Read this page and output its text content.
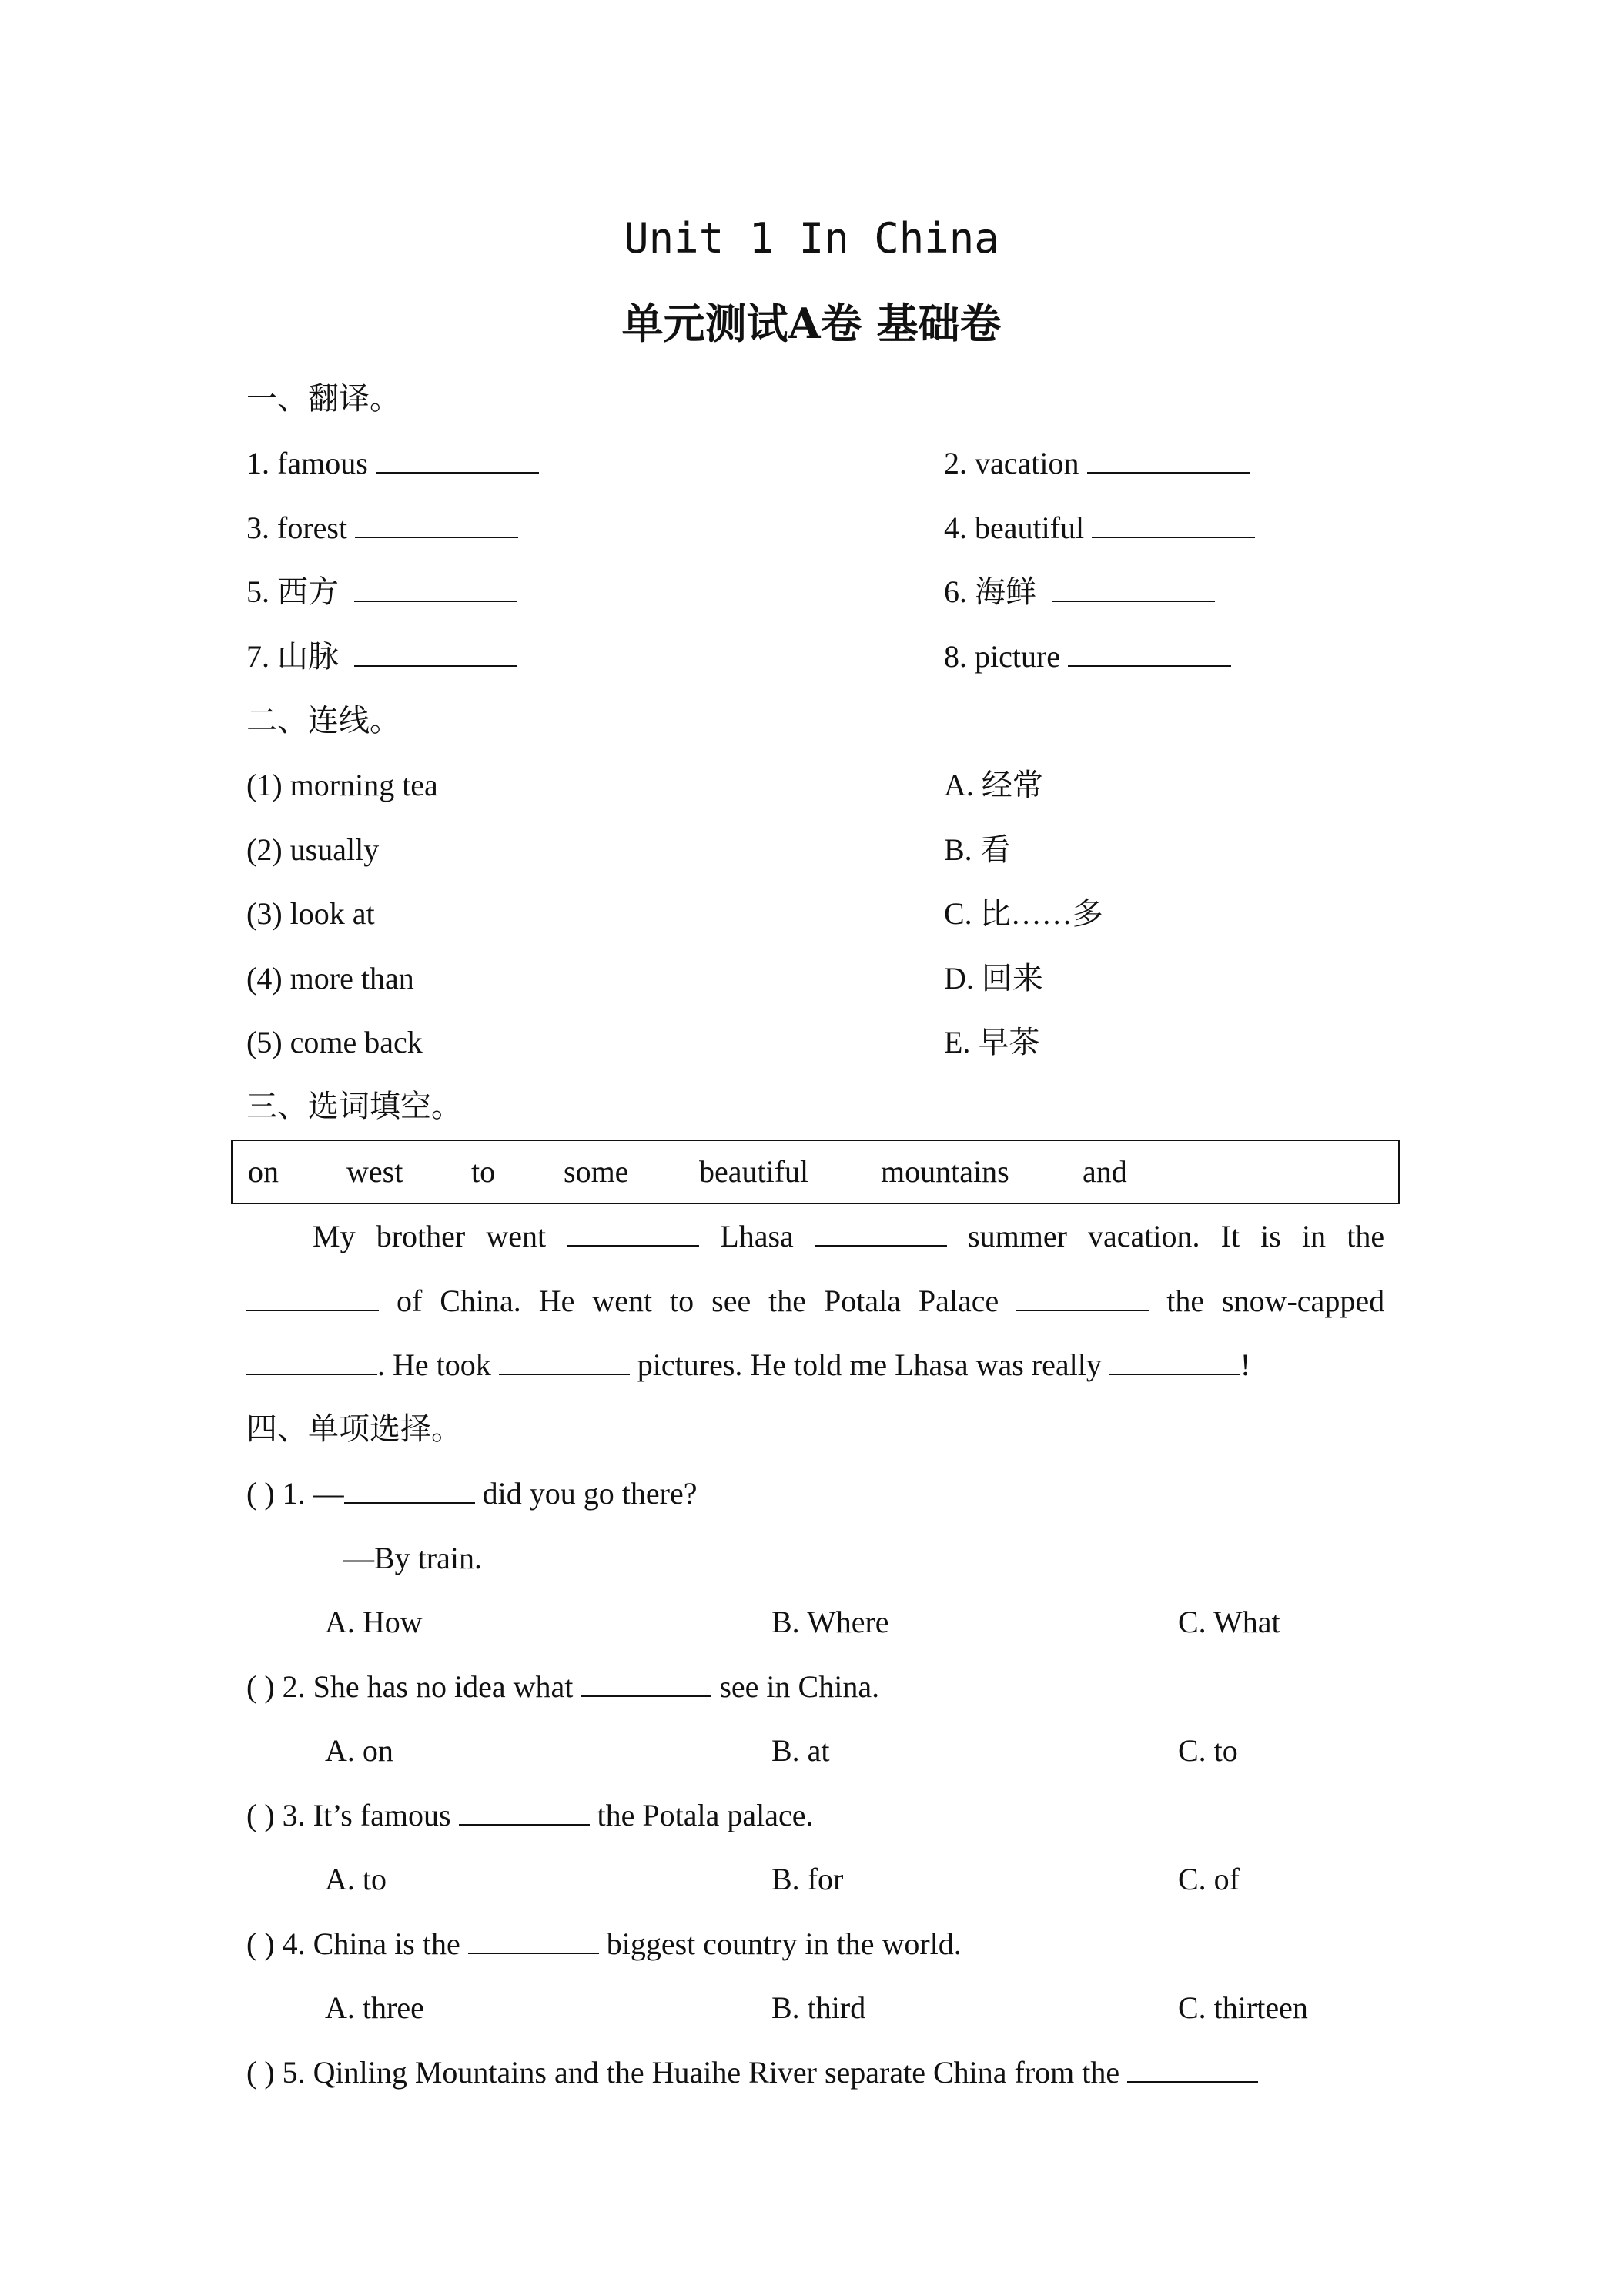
Unit 1 In China
单元测试A卷 基础卷
一、翻译。
1. famous	2. vacation
3. forest	4. beautiful
5. 西方	6. 海鲜
7. 山脉	8. picture
二、连线。
(1) morning tea	A. 经常
(2) usually	B. 看
(3) look at	C. 比……多
(4) more than	D. 回来
(5) come back	E. 早茶
三、选词填空。
on west to some beautiful mountains and
My brother went	Lhasa	summer vacation. It is in the
of China. He went to see the Potala Palace	the snow-capped
. He took	pictures. He told me Lhasa was really	!
四、单项选择。
( ) 1. —	did you go there?
—By train.
A. How	B. Where	C. What
( ) 2. She has no idea what	see in China.
A. on	B. at	C. to
( ) 3. It’s famous	the Potala palace.
A. to	B. for	C. of
( ) 4. China is the	biggest country in the world.
A. three	B. third	C. thirteen
( ) 5. Qinling Mountains and the Huaihe River separate China from the
